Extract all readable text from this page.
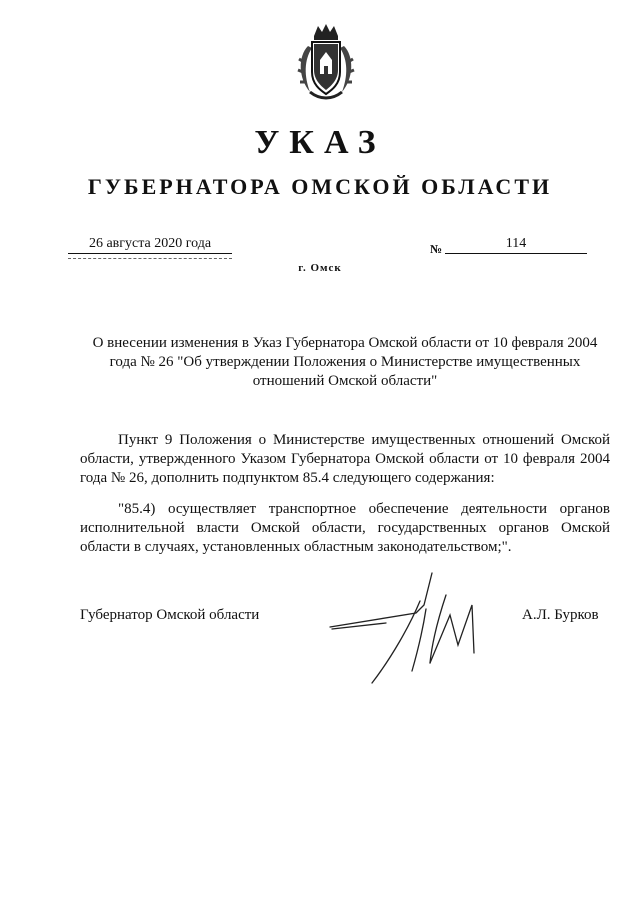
УКАЗ
ГУБЕРНАТОРА ОМСКОЙ ОБЛАСТИ
26 августа 2020 года	№	114
г. Омск
О внесении изменения в Указ Губернатора Омской области от 10 февраля 2004 года № 26 "Об утверждении Положения о Министерстве имущественных отношений Омской области"
Пункт 9 Положения о Министерстве имущественных отношений Омской области, утвержденного Указом Губернатора Омской области от 10 февраля 2004 года № 26, дополнить подпунктом 85.4 следующего содержания:
"85.4) осуществляет транспортное обеспечение деятельности органов исполнительной власти Омской области, государственных органов Омской области в случаях, установленных областным законодательством;".
Губернатор Омской области	А.Л. Бурков
